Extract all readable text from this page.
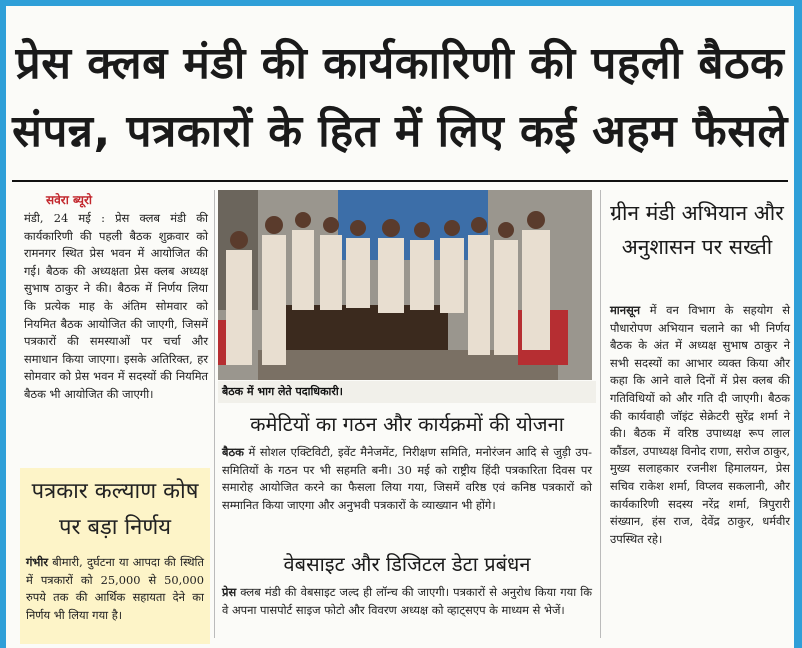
प्रेस क्लब मंडी की कार्यकारिणी की पहली बैठक
संपन्न, पत्रकारों के हित में लिए कई अहम फैसले
सवेरा ब्यूरो
मंडी, 24 मई : प्रेस क्लब मंडी की कार्यकारिणी की पहली बैठक शुक्रवार को रामनगर स्थित प्रेस भवन में आयोजित की गई। बैठक की अध्यक्षता प्रेस क्लब अध्यक्ष सुभाष ठाकुर ने की। बैठक में निर्णय लिया कि प्रत्येक माह के अंतिम सोमवार को नियमित बैठक आयोजित की जाएगी, जिसमें पत्रकारों की समस्याओं पर चर्चा और समाधान किया जाएगा। इसके अतिरिक्त, हर सोमवार को प्रेस भवन में सदस्यों की नियमित बैठक भी आयोजित की जाएगी।
पत्रकार कल्याण कोष पर बड़ा निर्णय
गंभीर बीमारी, दुर्घटना या आपदा की स्थिति में पत्रकारों को 25,000 से 50,000 रुपये तक की आर्थिक सहायता देने का निर्णय भी लिया गया है।
बैठक में भाग लेते पदाधिकारी।
कमेटियों का गठन और कार्यक्रमों की योजना
बैठक में सोशल एक्टिविटी, इवेंट मैनेजमेंट, निरीक्षण समिति, मनोरंजन आदि से जुड़ी उप-समितियों के गठन पर भी सहमति बनी। 30 मई को राष्ट्रीय हिंदी पत्रकारिता दिवस पर समारोह आयोजित करने का फैसला लिया गया, जिसमें वरिष्ठ एवं कनिष्ठ पत्रकारों को सम्मानित किया जाएगा और अनुभवी पत्रकारों के व्याख्यान भी होंगे।
वेबसाइट और डिजिटल डेटा प्रबंधन
प्रेस क्लब मंडी की वेबसाइट जल्द ही लॉन्च की जाएगी। पत्रकारों से अनुरोध किया गया कि वे अपना पासपोर्ट साइज फोटो और विवरण अध्यक्ष को व्हाट्सएप के माध्यम से भेजें।
ग्रीन मंडी अभियान और अनुशासन पर सख्ती
मानसून में वन विभाग के सहयोग से पौधारोपण अभियान चलाने का भी निर्णय बैठक के अंत में अध्यक्ष सुभाष ठाकुर ने सभी सदस्यों का आभार व्यक्त किया और कहा कि आने वाले दिनों में प्रेस क्लब की गतिविधियों को और गति दी जाएगी। बैठक की कार्यवाही जॉइंट सेक्रेटरी सुरेंद्र शर्मा ने की। बैठक में वरिष्ठ उपाध्यक्ष रूप लाल कौंडल, उपाध्यक्ष विनोद राणा, सरोज ठाकुर, मुख्य सलाहकार रजनीश हिमालयन, प्रेस सचिव राकेश शर्मा, विप्लव सकलानी, और कार्यकारिणी सदस्य नरेंद्र शर्मा, त्रिपुरारी संख्यान, हंस राज, देवेंद्र ठाकुर, धर्मवीर उपस्थित रहे।
